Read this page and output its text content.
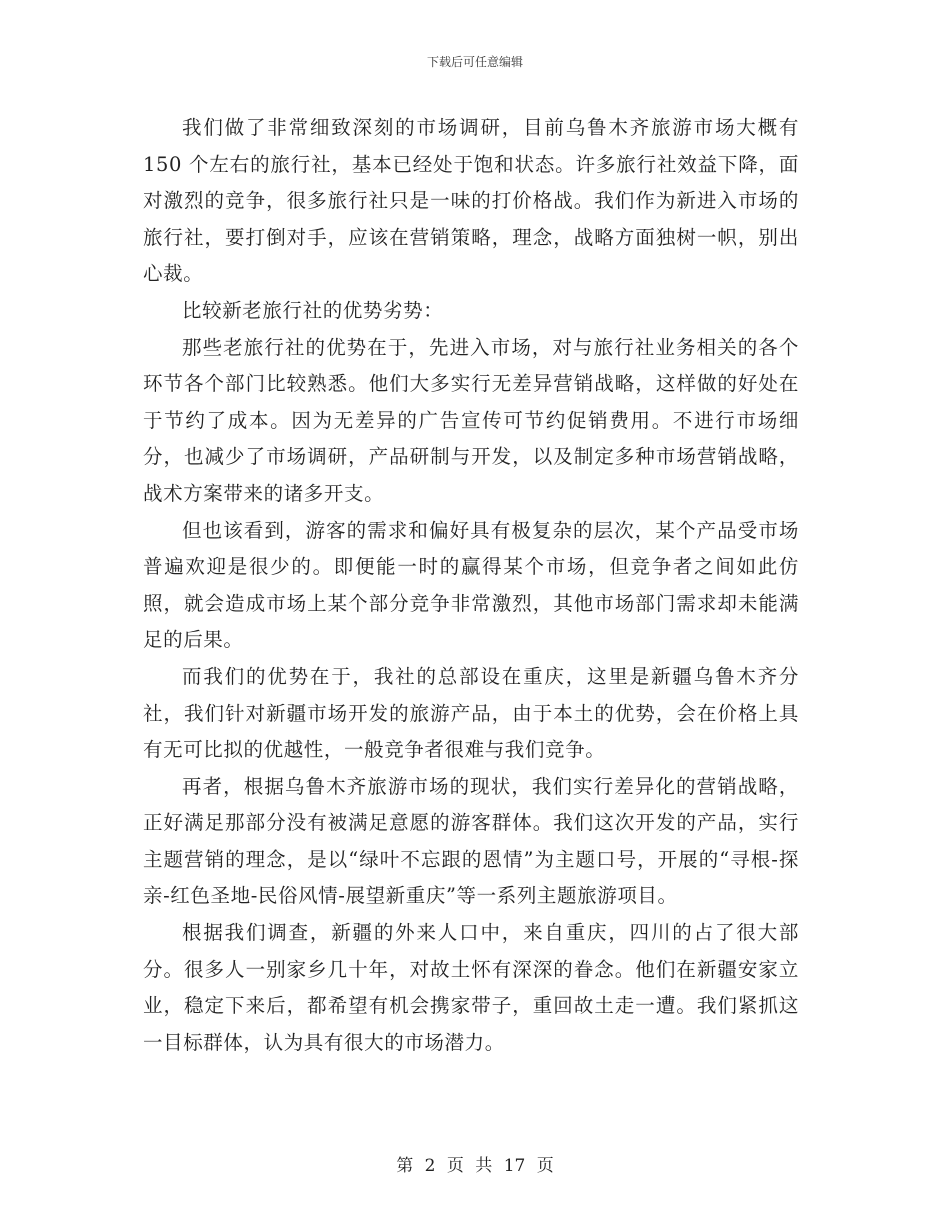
下载后可任意编辑

我们做了非常细致深刻的市场调研，目前乌鲁木齐旅游市场大概有150 个左右的旅行社，基本已经处于饱和状态。许多旅行社效益下降，面对激烈的竞争，很多旅行社只是一味的打价格战。我们作为新进入市场的旅行社，要打倒对手，应该在营销策略，理念，战略方面独树一帜，别出心裁。

比较新老旅行社的优势劣势：

那些老旅行社的优势在于，先进入市场，对与旅行社业务相关的各个环节各个部门比较熟悉。他们大多实行无差异营销战略，这样做的好处在于节约了成本。因为无差异的广告宣传可节约促销费用。不进行市场细分，也减少了市场调研，产品研制与开发，以及制定多种市场营销战略，战术方案带来的诸多开支。

但也该看到，游客的需求和偏好具有极复杂的层次，某个产品受市场普遍欢迎是很少的。即便能一时的赢得某个市场，但竞争者之间如此仿照，就会造成市场上某个部分竞争非常激烈，其他市场部门需求却未能满足的后果。

而我们的优势在于，我社的总部设在重庆，这里是新疆乌鲁木齐分社，我们针对新疆市场开发的旅游产品，由于本土的优势，会在价格上具有无可比拟的优越性，一般竞争者很难与我们竞争。

再者，根据乌鲁木齐旅游市场的现状，我们实行差异化的营销战略，正好满足那部分没有被满足意愿的游客群体。我们这次开发的产品，实行主题营销的理念，是以“绿叶不忘跟的恩情”为主题口号，开展的“寻根-探亲-红色圣地-民俗风情-展望新重庆”等一系列主题旅游项目。

根据我们调查，新疆的外来人口中，来自重庆，四川的占了很大部分。很多人一别家乡几十年，对故土怀有深深的眷念。他们在新疆安家立业，稳定下来后，都希望有机会携家带子，重回故土走一遭。我们紧抓这一目标群体，认为具有很大的市场潜力。

第 2 页 共 17 页
